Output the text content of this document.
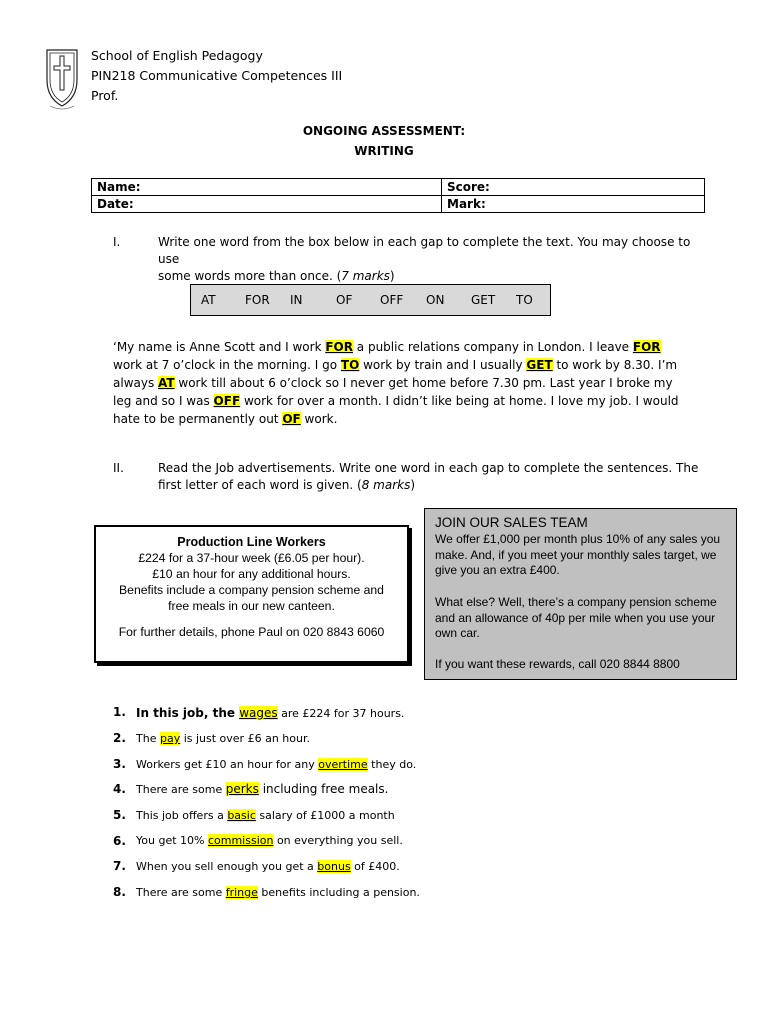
School of English Pedagogy
PIN218 Communicative Competences III
Prof.
ONGOING ASSESSMENT:
WRITING
Name:	Score:
Date:	Mark:
I.	Write one word from the box below in each gap to complete the text. You may choose to use
some words more than once. (7 marks)
AT FOR IN	OF OFF ON GET TO
‘My name is Anne Scott and I work FOR a public relations company in London. I leave FOR work at 7 o’clock in the morning. I go TO work by train and I usually GET to work by 8.30. I’m always AT work till about 6 o’clock so I never get home before 7.30 pm. Last year I broke my leg and so I was OFF work for over a month. I didn’t like being at home. I love my job. I would hate to be permanently out OF work.
II.	Read the Job advertisements. Write one word in each gap to complete the sentences. The
first letter of each word is given. (8 marks)
Production Line Workers
£224 for a 37-hour week (£6.05 per hour).
£10 an hour for any additional hours.
Benefits include a company pension scheme and
free meals in our new canteen.
For further details, phone Paul on 020 8843 6060
JOIN OUR SALES TEAM
We offer £1,000 per month plus 10% of any sales you make. And, if you meet your monthly sales target, we give you an extra £400.
What else? Well, there’s a company pension scheme and an allowance of 40p per mile when you use your own car.
If you want these rewards, call 020 8844 8800
1. In this job, the wages are £224 for 37 hours.
2. The pay is just over £6 an hour.
3. Workers get £10 an hour for any overtime they do.
4. There are some perks including free meals.
5. This job offers a basic salary of £1000 a month
6. You get 10% commission on everything you sell.
7. When you sell enough you get a bonus of £400.
8. There are some fringe benefits including a pension.
